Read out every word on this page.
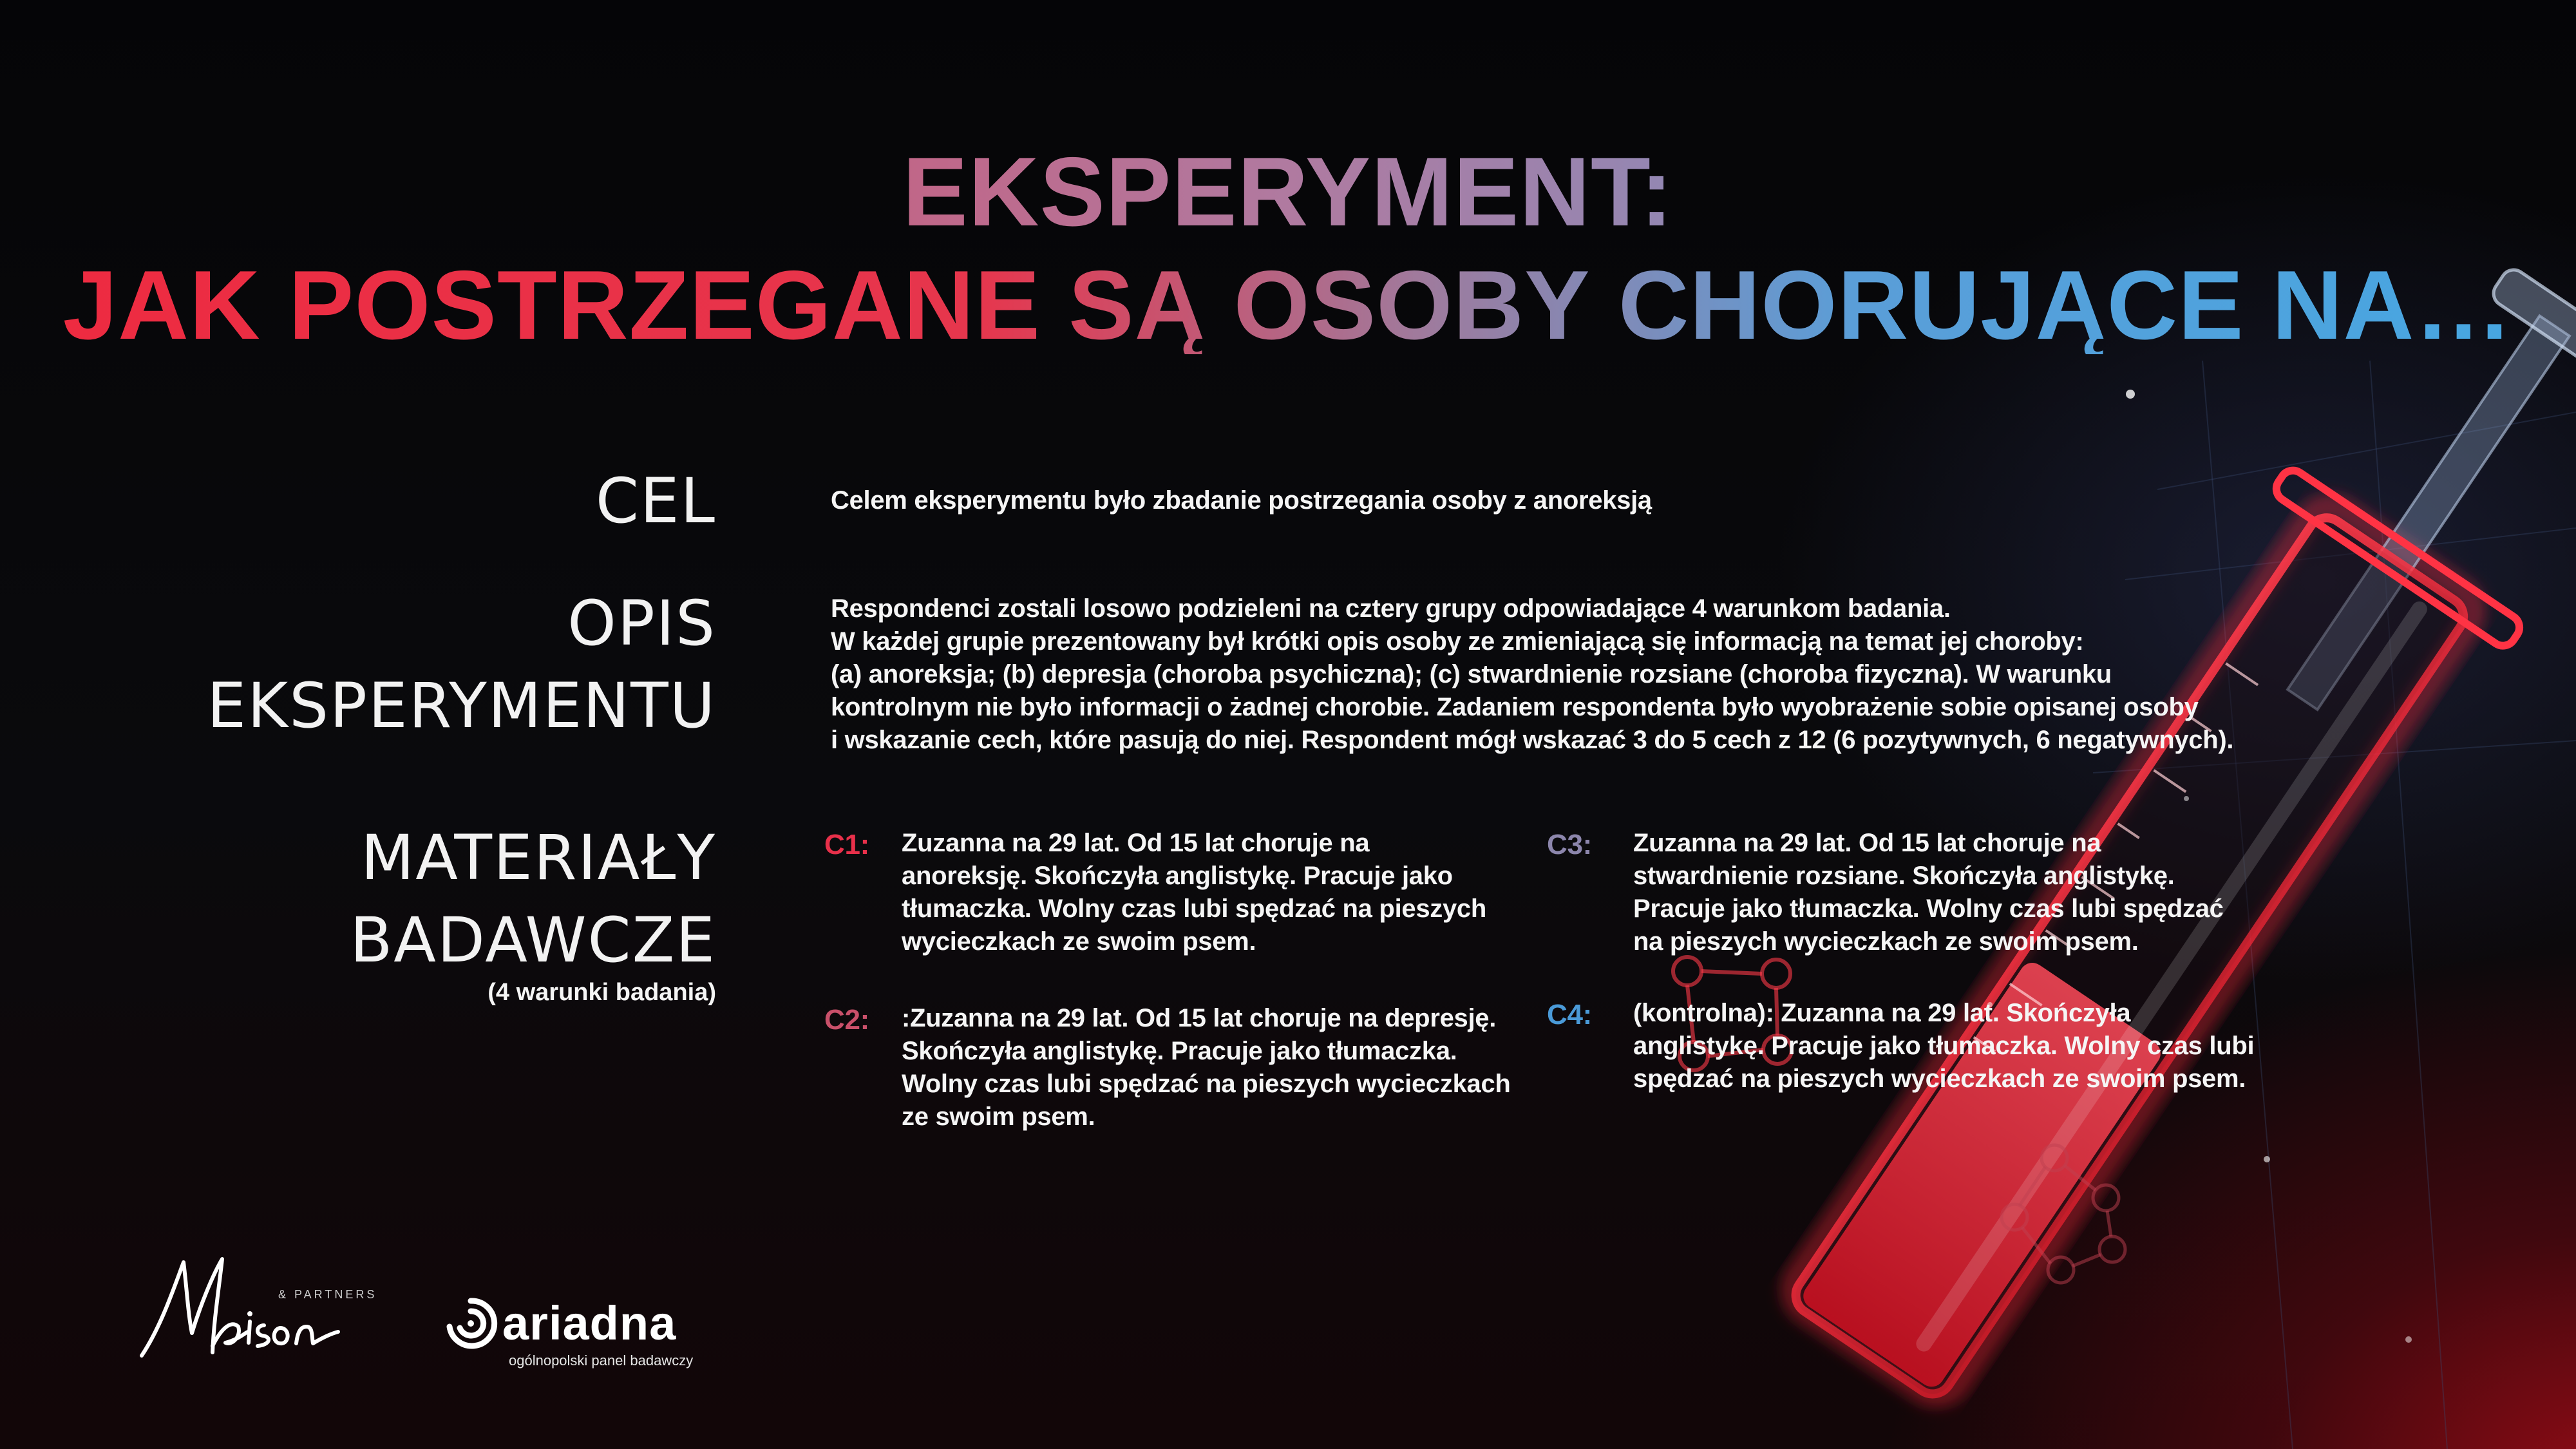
EKSPERYMENT:
JAK POSTRZEGANE SĄ OSOBY CHORUJĄCE NA…
CEL
OPIS
EKSPERYMENTU
MATERIAŁY
BADAWCZE
(4 warunki badania)
Celem eksperymentu było zbadanie postrzegania osoby z anoreksją
Respondenci zostali losowo podzieleni na cztery grupy odpowiadające 4 warunkom badania.
W każdej grupie prezentowany był krótki opis osoby ze zmieniającą się informacją na temat jej choroby:
(a) anoreksja; (b) depresja (choroba psychiczna); (c) stwardnienie rozsiane (choroba fizyczna). W warunku
kontrolnym nie było informacji o żadnej chorobie. Zadaniem respondenta było wyobrażenie sobie opisanej osoby
i wskazanie cech, które pasują do niej. Respondent mógł wskazać 3 do 5 cech z 12 (6 pozytywnych, 6 negatywnych).
C1: Zuzanna na 29 lat. Od 15 lat choruje na
anoreksję. Skończyła anglistykę. Pracuje jako
tłumaczka. Wolny czas lubi spędzać na pieszych
wycieczkach ze swoim psem.
C2: :Zuzanna na 29 lat. Od 15 lat choruje na depresję.
Skończyła anglistykę. Pracuje jako tłumaczka.
Wolny czas lubi spędzać na pieszych wycieczkach
ze swoim psem.
C3: Zuzanna na 29 lat. Od 15 lat choruje na
stwardnienie rozsiane. Skończyła anglistykę.
Pracuje jako tłumaczka. Wolny czas lubi spędzać
na pieszych wycieczkach ze swoim psem.
C4: (kontrolna): Zuzanna na 29 lat. Skończyła
anglistykę. Pracuje jako tłumaczka. Wolny czas lubi
spędzać na pieszych wycieczkach ze swoim psem.
& PARTNERS
ariadna
ogólnopolski panel badawczy
